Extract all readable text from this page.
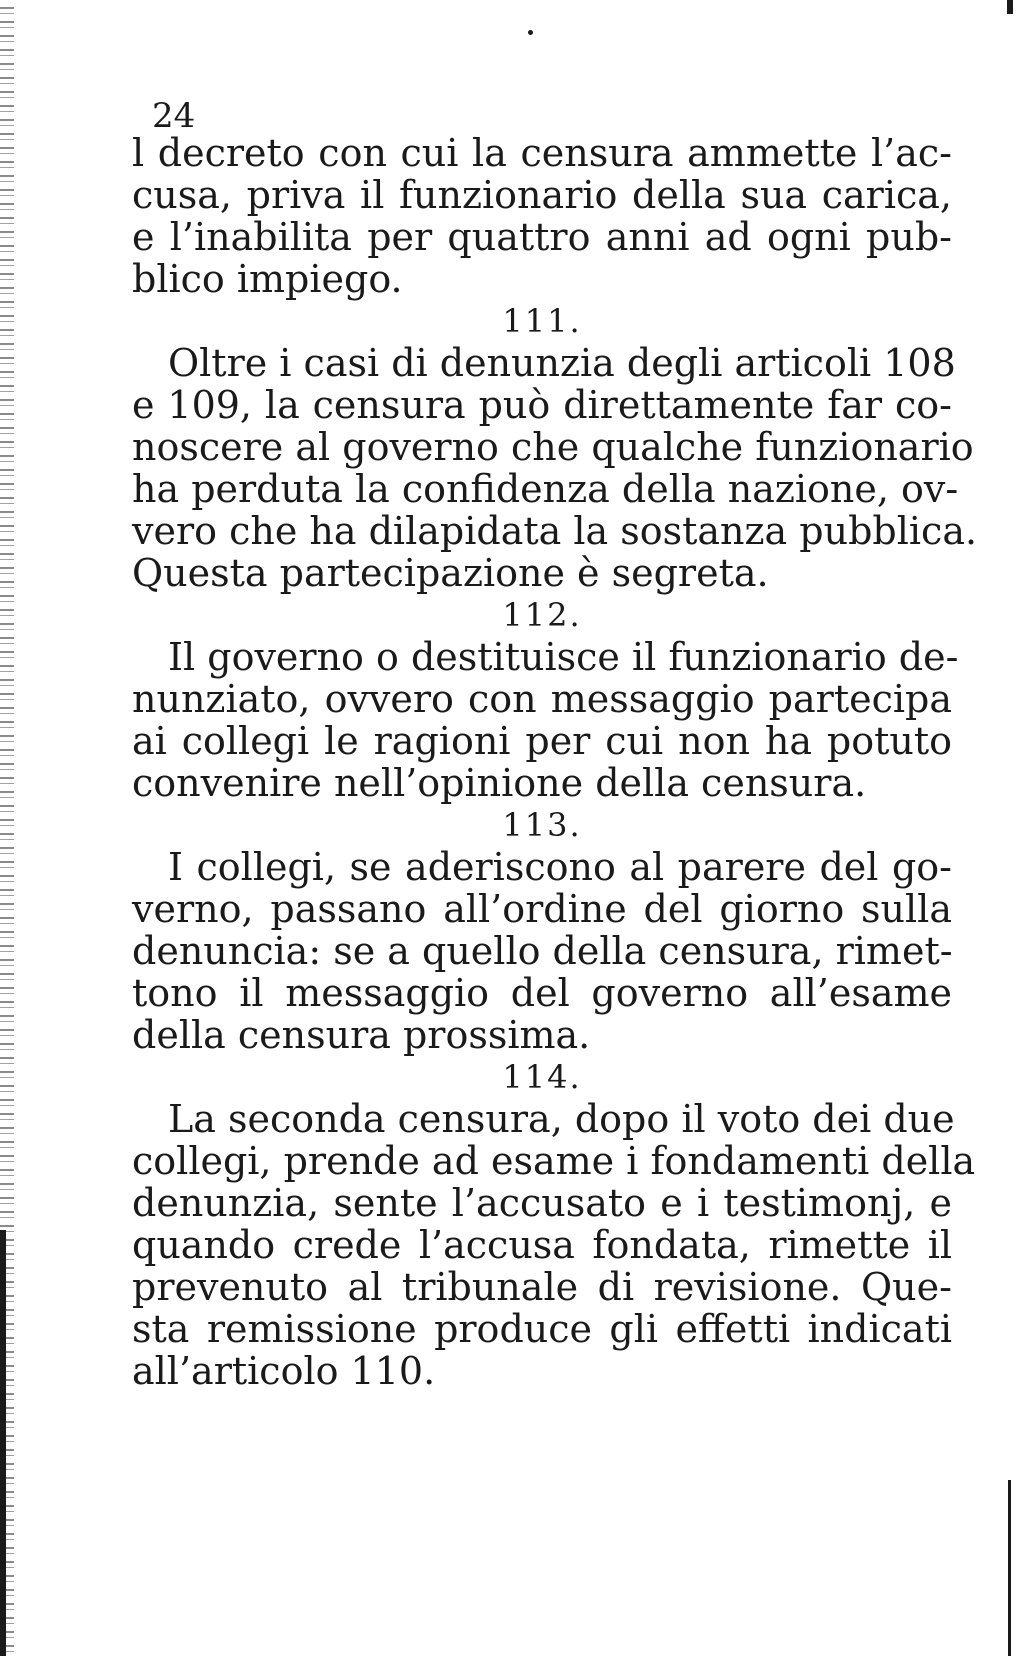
24
l decreto con cui la censura ammette l’ac-
cusa, priva il funzionario della sua carica,
e l’inabilita per quattro anni ad ogni pub-
blico impiego.
111.
Oltre i casi di denunzia degli articoli 108
e 109, la censura può direttamente far co-
noscere al governo che qualche funzionario
ha perduta la confidenza della nazione, ov-
vero che ha dilapidata la sostanza pubblica.
Questa partecipazione è segreta.
112.
Il governo o destituisce il funzionario de-
nunziato, ovvero con messaggio partecipa
ai collegi le ragioni per cui non ha potuto
convenire nell’opinione della censura.
113.
I collegi, se aderiscono al parere del go-
verno, passano all’ordine del giorno sulla
denuncia: se a quello della censura, rimet-
tono il messaggio del governo all’esame
della censura prossima.
114.
La seconda censura, dopo il voto dei due
collegi, prende ad esame i fondamenti della
denunzia, sente l’accusato e i testimonj, e
quando crede l’accusa fondata, rimette il
prevenuto al tribunale di revisione. Que-
sta remissione produce gli effetti indicati
all’articolo 110.
